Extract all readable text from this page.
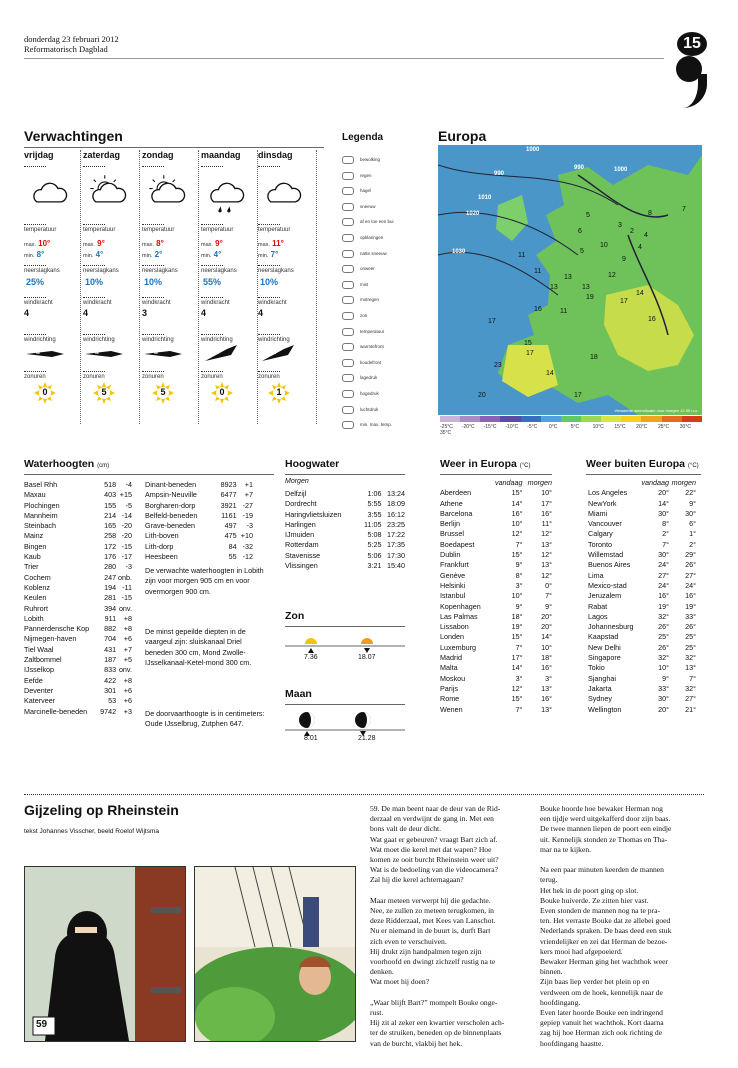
donderdag 23 februari 2012
Reformatorisch Dagblad	15
Verwachtingen
vrijdag
temperatuur
max. 10°
min. 8°
neerslagkans
25%
windkracht
4
windrichting
w
zonuren
0
zaterdag
temperatuur
max. 9°
min. 4°
neerslagkans
10%
windkracht
4
windrichting
w
zonuren
5
zondag
temperatuur
max. 8°
min. 2°
neerslagkans
10%
windkracht
3
windrichting
w
zonuren
5
maandag
temperatuur
max. 9°
min. 4°
neerslagkans
55%
windkracht
4
windrichting
zw
zonuren
0
dinsdag
temperatuur
max. 11°
min. 7°
neerslagkans
10%
windkracht
4
windrichting
zw
zonuren
1
Legenda
bewolking
regen
hagel
sneeuw
af en toe een bui
opklaringen
natte sneeuw
onweer
mist
motregen
zon
temperatuur
warmtefront
koudefront
lagedruk
hogedruk
luchtdruk
min. max. temp.
Europa
1000
990
990	1000
1010
1020
1030
5	8
3
7
6
11
4
10
2
9
5
4
11
13	12
13	13
19
17
14
16	11
17
15
16
17
23
14
18
20	17
Verwachte weersituatie voor morgen 12.00 u.u.
-25°C -20°C -15°C -10°C -5°C 0°C	5°C	10°C 15°C 20°C 25°C 30°C35°C
Waterhoogten (cm)
Basel Rhh	518	-4
Maxau	403	+15
Plochingen	155	-5
Mannheim	214	-14
Steinbach	165	-20
Mainz	258	-20
Bingen	172	-15
Kaub	176	-17
Trier	280	-3
Cochem	247	onb.
Koblenz	194	-11
Keulen	281	-15
Ruhrort	394	onv.
Lobith	911	+8
Pannerdensche Kop	882	+8
Nijmegen-haven	704	+6
Tiel Waal	431	+7
Zaltbommel	187	+5
IJsselkop	833	onv.
Eefde	422	+8
Deventer	301	+6
Katerveer	53	+6
Marcinelle-beneden	9742	+3
Dinant-beneden	8923	+1
Ampsin-Neuville	6477	+7
Borgharen-dorp	3921	-27
Belfeld-beneden	1161	-19
Grave-beneden	497	-3
Lith-boven	475	+10
Lith-dorp	84	-32
Heesbeen	55	-12
De verwachte waterhoogten in Lobith zijn voor morgen 905 cm en voor overmorgen 900 cm.
De minst gepeilde diepten in de vaargeul zijn: sluiskanaal Driel beneden 300 cm, Mond Zwolle-IJsselkanaal-Ketel-mond 300 cm.
De doorvaarthoogte is in centimeters: Oude IJsselbrug, Zutphen 647.
Hoogwater
Morgen
Delfzijl	1:06	13:24
Dordrecht	5:55	18:09
Haringvlietsluizen	3:55	16:12
Harlingen	11:05	23:25
IJmuiden	5:08	17:22
Rotterdam	5:25	17:35
Stavenisse	5:06	17:30
Vlissingen	3:21	15:40
Zon
7.36	18.07
Maan
8.01	21.28
Weer in Europa (°C)
	vandaag	morgen
Aberdeen	15°	10°
Athene	14°	17°
Barcelona	16°	16°
Berlijn	10°	11°
Brussel	12°	12°
Boedapest	7°	13°
Dublin	15°	12°
Frankfurt	9°	13°
Genève	8°	12°
Helsinki	3°	0°
Istanbul	10°	7°
Kopenhagen	9°	9°
Las Palmas	18°	20°
Lissabon	19°	20°
Londen	15°	14°
Luxemburg	7°	10°
Madrid	17°	18°
Malta	14°	16°
Moskou	3°	3°
Parijs	12°	13°
Rome	15°	16°
Wenen	7°	13°
Weer buiten Europa (°C)
	vandaag	morgen
Los Angeles	20°	22°
NewYork	14°	9°
Miami	30°	30°
Vancouver	8°	6°
Calgary	2°	1°
Toronto	7°	2°
Willemstad	30°	29°
Buenos Aires	24°	26°
Lima	27°	27°
Mexico-stad	24°	24°
Jeruzalem	16°	16°
Rabat	19°	19°
Lagos	32°	33°
Johannesburg	26°	26°
Kaapstad	25°	25°
New Delhi	26°	25°
Singapore	32°	32°
Tokio	10°	13°
Sjanghai	9°	7°
Jakarta	33°	32°
Sydney	30°	27°
Wellington	20°	21°
Gijzeling op Rheinstein
tekst Johannes Visscher, beeld Roelof Wijtsma
59
59. De man beent naar de deur van de Rid-
derzaal en verdwijnt de gang in. Met een
bons valt de deur dicht.
Wat gaat er gebeuren? vraagt Bart zich af.
Wat moet die kerel met dat wapen? Hoe
komen ze ooit burcht Rheinstein weer uit?
Wat is de bedoeling van die videocamera?
Zal hij die kerel achternagaan?

Maar meteen verwerpt hij die gedachte.
Nee, ze zullen zo meteen terugkomen, in
deze Ridderzaal, met Kees van Lanschot.
Nu er niemand in de buurt is, durft Bart
zich even te verschuiven.
Hij drukt zijn handpalmen tegen zijn
voorhoofd en dwingt zichzelf rustig na te
denken.
Wat moet hij doen?

„Waar blijft Bart?” mompelt Bouke onge-
rust.
Hij zit al zeker een kwartier verscholen ach-
ter de struiken, beneden op de binnenplaats
van de burcht, vlakbij het hek.
Bouke hoorde hoe bewaker Herman nog
een tijdje werd uitgekafferd door zijn baas.
De twee mannen liepen de poort een eindje
uit. Kennelijk stonden ze Thomas en Tha-
mar na te kijken.

Na een paar minuten keerden de mannen
terug.
Het hek in de poort ging op slot.
Bouke huiverde. Ze zitten hier vast.
Even stonden de mannen nog na te pra-
ten. Het verraste Bouke dat ze allebei goed
Nederlands spraken. De baas deed een stuk
vriendelijker en zei dat Herman de bezoe-
kers mooi had afgepoeierd.
Bewaker Herman ging het wachthok weer
binnen.
Zijn baas liep verder het plein op en
verdween om de hoek, kennelijk naar de
hoofdingang.
Even later hoorde Bouke een indringend
gepiep vanuit het wachthok. Kort daarna
zag hij hoe Herman zich ook richting de
hoofdingang haastte.
